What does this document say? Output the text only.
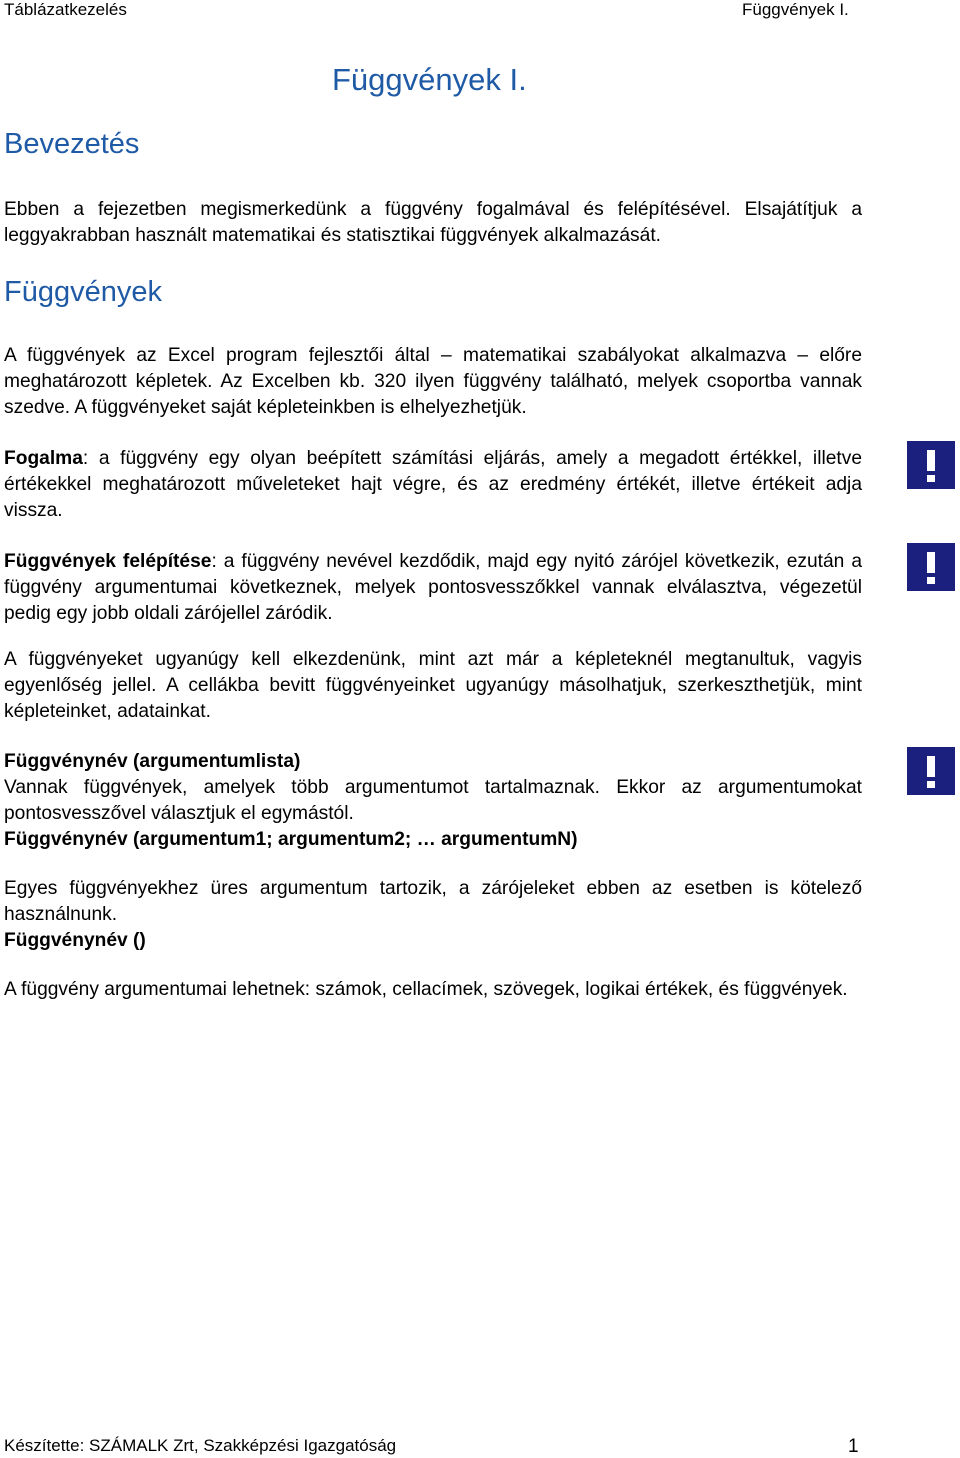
Táblázatkezelés	Függvények I.
Függvények I.
Bevezetés

Ebben a fejezetben megismerkedünk a függvény fogalmával és felépítésével. Elsajátítjuk a leggyakrabban használt matematikai és statisztikai függvények alkalmazását.

Függvények

A függvények az Excel program fejlesztői által – matematikai szabályokat alkalmazva – előre meghatározott képletek. Az Excelben kb. 320 ilyen függvény található, melyek csoportba vannak szedve. A függvényeket saját képleteinkben is elhelyezhetjük.

Fogalma: a függvény egy olyan beépített számítási eljárás, amely a megadott értékkel, illetve értékekkel meghatározott műveleteket hajt végre, és az eredmény értékét, illetve értékeit adja vissza.

Függvények felépítése: a függvény nevével kezdődik, majd egy nyitó zárójel következik, ezután a függvény argumentumai következnek, melyek pontosvesszőkkel vannak elválasztva, végezetül pedig egy jobb oldali zárójellel záródik.

A függvényeket ugyanúgy kell elkezdenünk, mint azt már a képleteknél megtanultuk, vagyis egyenlőség jellel. A cellákba bevitt függvényeinket ugyanúgy másolhatjuk, szerkeszthetjük, mint képleteinket, adatainkat.

Függvénynév (argumentumlista)

Vannak függvények, amelyek több argumentumot tartalmaznak. Ekkor az argumentumokat pontosvesszővel választjuk el egymástól.

Függvénynév (argumentum1; argumentum2; … argumentumN)

Egyes függvényekhez üres argumentum tartozik, a zárójeleket ebben az esetben is kötelező használnunk.

Függvénynév ()

A függvény argumentumai lehetnek: számok, cellacímek, szövegek, logikai értékek, és függvények.

Készítette: SZÁMALK Zrt, Szakképzési Igazgatóság	1
